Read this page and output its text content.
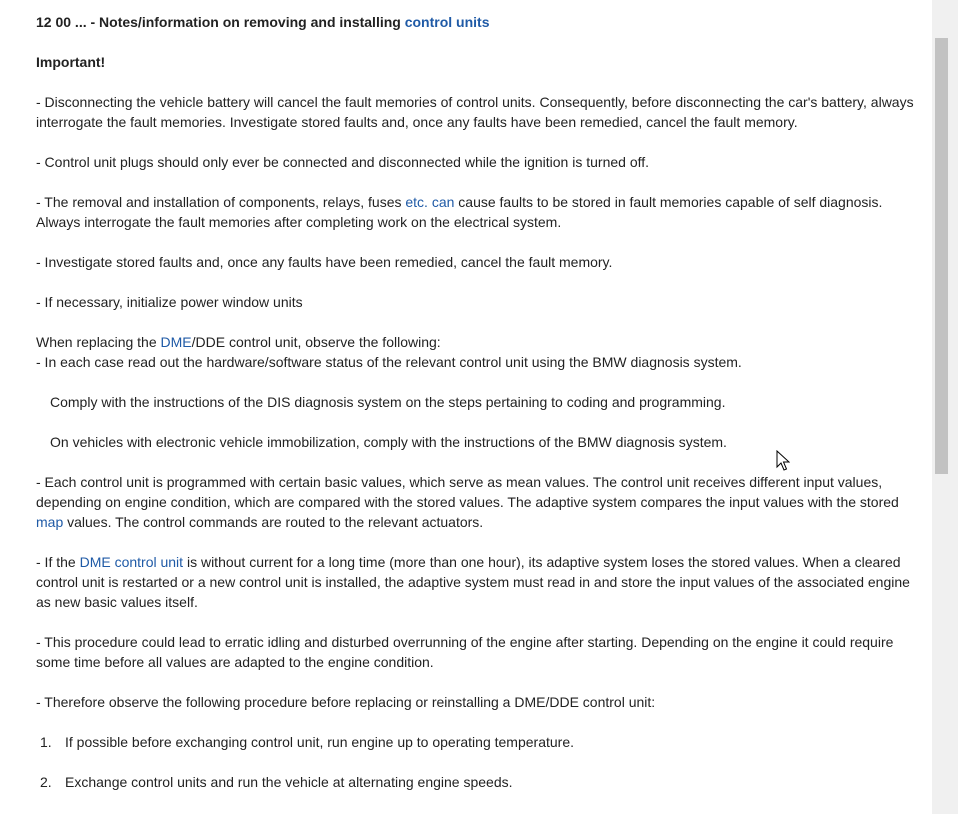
12 00 ... - Notes/information on removing and installing control units
Important!

- Disconnecting the vehicle battery will cancel the fault memories of control units. Consequently, before disconnecting the car's battery, always interrogate the fault memories. Investigate stored faults and, once any faults have been remedied, cancel the fault memory.

- Control unit plugs should only ever be connected and disconnected while the ignition is turned off.

- The removal and installation of components, relays, fuses etc. can cause faults to be stored in fault memories capable of self diagnosis. Always interrogate the fault memories after completing work on the electrical system.

- Investigate stored faults and, once any faults have been remedied, cancel the fault memory.

- If necessary, initialize power window units

When replacing the DME/DDE control unit, observe the following:

- In each case read out the hardware/software status of the relevant control unit using the BMW diagnosis system.

Comply with the instructions of the DIS diagnosis system on the steps pertaining to coding and programming.

On vehicles with electronic vehicle immobilization, comply with the instructions of the BMW diagnosis system.

- Each control unit is programmed with certain basic values, which serve as mean values. The control unit receives different input values, depending on engine condition, which are compared with the stored values. The adaptive system compares the input values with the stored map values. The control commands are routed to the relevant actuators.

- If the DME control unit is without current for a long time (more than one hour), its adaptive system loses the stored values. When a cleared control unit is restarted or a new control unit is installed, the adaptive system must read in and store the input values of the associated engine as new basic values itself.

- This procedure could lead to erratic idling and disturbed overrunning of the engine after starting. Depending on the engine it could require some time before all values are adapted to the engine condition.

- Therefore observe the following procedure before replacing or reinstalling a DME/DDE control unit:

1. If possible before exchanging control unit, run engine up to operating temperature.
2. Exchange control units and run the vehicle at alternating engine speeds.
